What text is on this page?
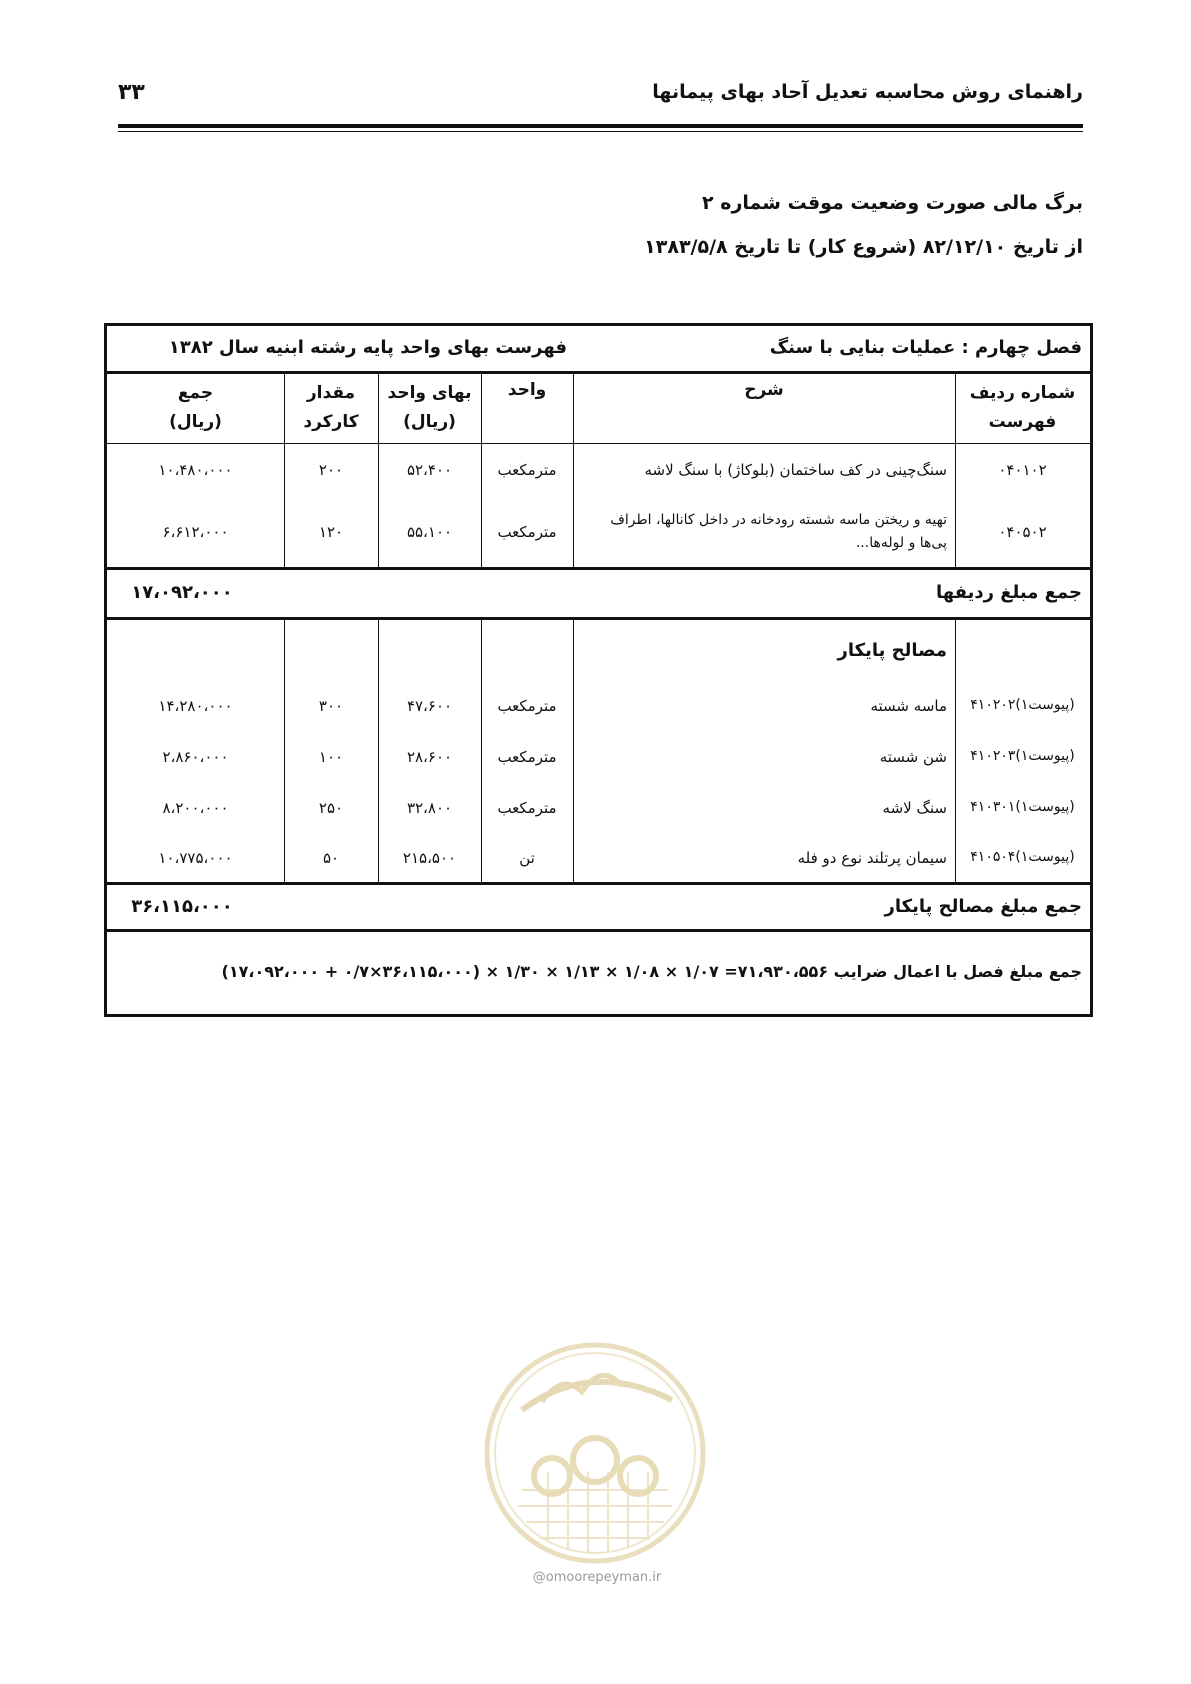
راهنمای روش محاسبه تعدیل آحاد بهای پیمانها
۳۳
برگ مالی صورت وضعیت موقت شماره ۲
از تاریخ ۸۲/۱۲/۱۰ (شروع کار) تا تاریخ ۱۳۸۳/۵/۸
فصل چهارم : عملیات بنایی با سنگ
فهرست بهای واحد پایه رشته ابنیه سال ۱۳۸۲
شماره ردیف فهرست
شرح
واحد
بهای واحد (ریال)
مقدار کارکرد
جمع (ریال)
۰۴۰۱۰۲
سنگ‌چینی در کف ساختمان (بلوکاژ) با سنگ لاشه
مترمکعب
۵۲،۴۰۰
۲۰۰
۱۰،۴۸۰،۰۰۰
۰۴۰۵۰۲
تهیه و ریختن ماسه شسته رودخانه در داخل کانالها، اطراف پی‌ها و لوله‌ها...
مترمکعب
۵۵،۱۰۰
۱۲۰
۶،۶۱۲،۰۰۰
جمع مبلغ ردیفها
۱۷،۰۹۲،۰۰۰
مصالح پایکار
۴۱۰۲۰۲(پیوست۱)
ماسه شسته
مترمکعب
۴۷،۶۰۰
۳۰۰
۱۴،۲۸۰،۰۰۰
۴۱۰۲۰۳(پیوست۱)
شن شسته
مترمکعب
۲۸،۶۰۰
۱۰۰
۲،۸۶۰،۰۰۰
۴۱۰۳۰۱(پیوست۱)
سنگ لاشه
مترمکعب
۳۲،۸۰۰
۲۵۰
۸،۲۰۰،۰۰۰
۴۱۰۵۰۴(پیوست۱)
سیمان پرتلند نوع دو فله
تن
۲۱۵،۵۰۰
۵۰
۱۰،۷۷۵،۰۰۰
جمع مبلغ مصالح پایکار
۳۶،۱۱۵،۰۰۰
جمع مبلغ فصل با اعمال ضرایب ۷۱،۹۳۰،۵۵۶= ۱/۰۷ × ۱/۰۸ × ۱/۱۳ × ۱/۳۰ × (۳۶،۱۱۵،۰۰۰×۰/۷ + ۱۷،۰۹۲،۰۰۰)
@omoorepeyman.ir
